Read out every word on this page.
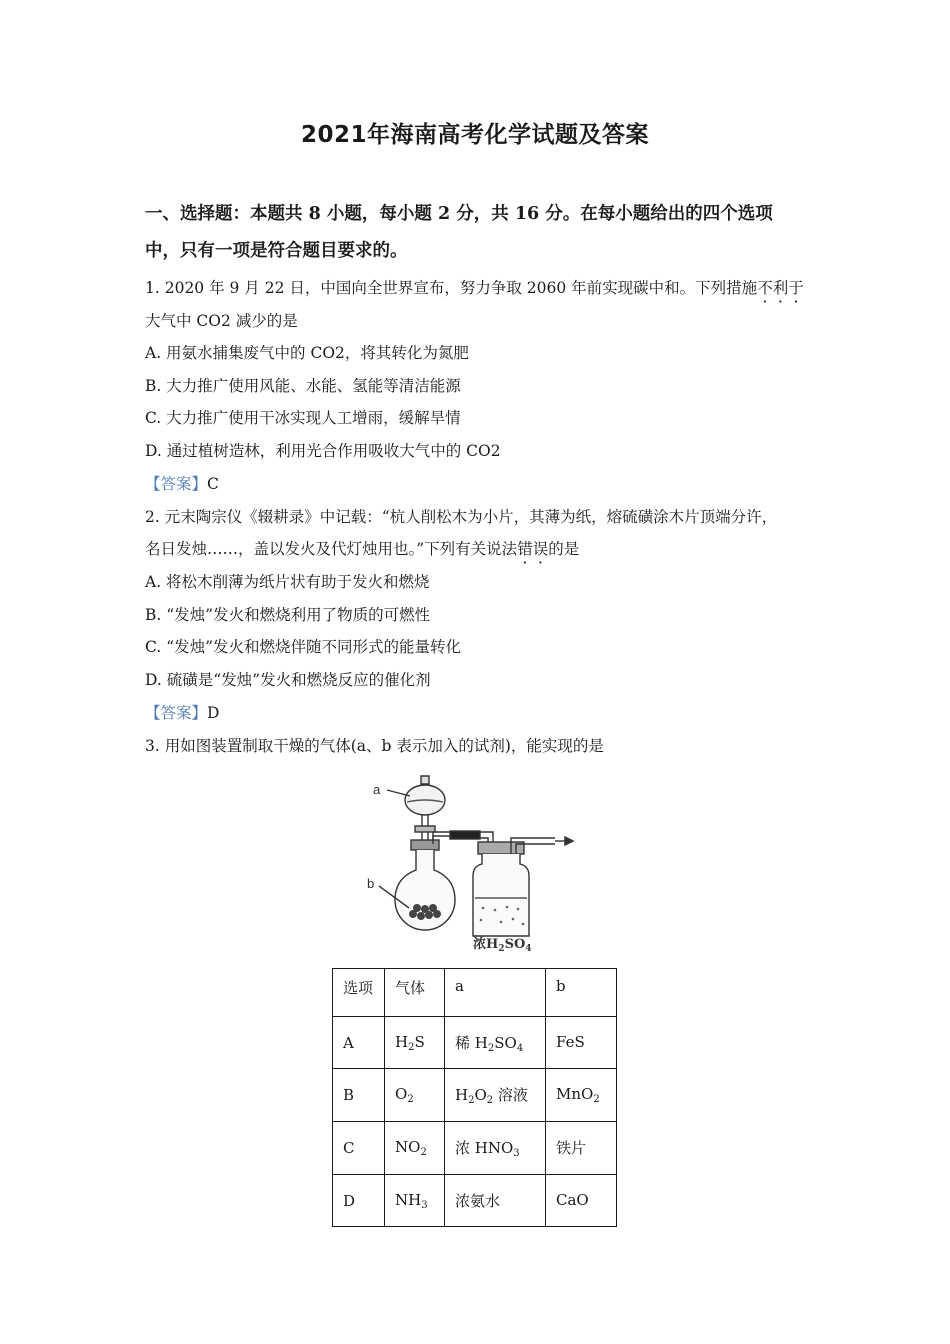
2021年海南高考化学试题及答案
一、选择题：本题共 8 小题，每小题 2 分，共 16 分。在每小题给出的四个选项
中，只有一项是符合题目要求的。
1. 2020 年 9 月 22 日，中国向全世界宣布，努力争取 2060 年前实现碳中和。下列措施不利于
大气中 CO2 减少的是
A. 用氨水捕集废气中的 CO2，将其转化为氮肥
B. 大力推广使用风能、水能、氢能等清洁能源
C. 大力推广使用干冰实现人工增雨，缓解旱情
D. 通过植树造林，利用光合作用吸收大气中的 CO2
【答案】C
2. 元末陶宗仪《辍耕录》中记载：“杭人削松木为小片，其薄为纸，熔硫磺涂木片顶端分许，
名日发烛……，盖以发火及代灯烛用也。”下列有关说法错误的是
A. 将松木削薄为纸片状有助于发火和燃烧
B. “发烛”发火和燃烧利用了物质的可燃性
C. “发烛”发火和燃烧伴随不同形式的能量转化
D. 硫磺是“发烛”发火和燃烧反应的催化剂
【答案】D
3. 用如图装置制取干燥的气体(a、b 表示加入的试剂)，能实现的是
a
b
浓$H_2SO_4$
选项	气体	a	b
A	$H_2S$	稀 $H_2SO_4$	FeS
B	$O_2$	$H_2O_2$ 溶液	MnO$_2$
C	$NO_2$	浓 $HNO_3$	铁片
D	$NH_3$	浓氨水	CaO
